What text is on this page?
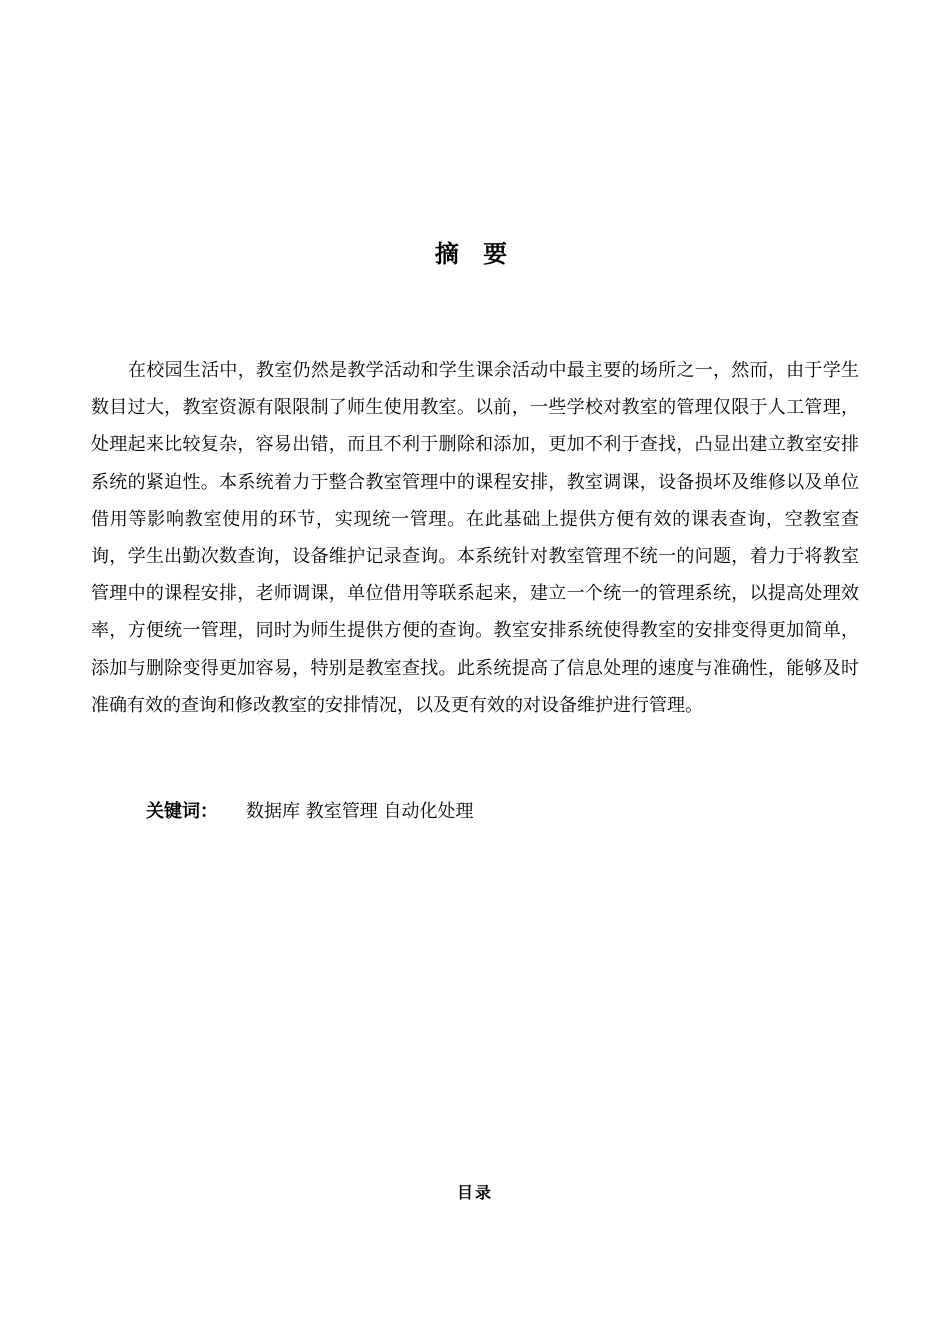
摘 要

在校园生活中，教室仍然是教学活动和学生课余活动中最主要的场所之一，然而，由于学生数目过大，教室资源有限限制了师生使用教室。以前，一些学校对教室的管理仅限于人工管理，处理起来比较复杂，容易出错，而且不利于删除和添加，更加不利于查找，凸显出建立教室安排系统的紧迫性。本系统着力于整合教室管理中的课程安排，教室调课，设备损坏及维修以及单位借用等影响教室使用的环节，实现统一管理。在此基础上提供方便有效的课表查询，空教室查询，学生出勤次数查询，设备维护记录查询。本系统针对教室管理不统一的问题，着力于将教室管理中的课程安排，老师调课，单位借用等联系起来，建立一个统一的管理系统，以提高处理效率，方便统一管理，同时为师生提供方便的查询。教室安排系统使得教室的安排变得更加简单，添加与删除变得更加容易，特别是教室查找。此系统提高了信息处理的速度与准确性，能够及时准确有效的查询和修改教室的安排情况，以及更有效的对设备维护进行管理。

关键词： 数据库 教室管理 自动化处理
目录
